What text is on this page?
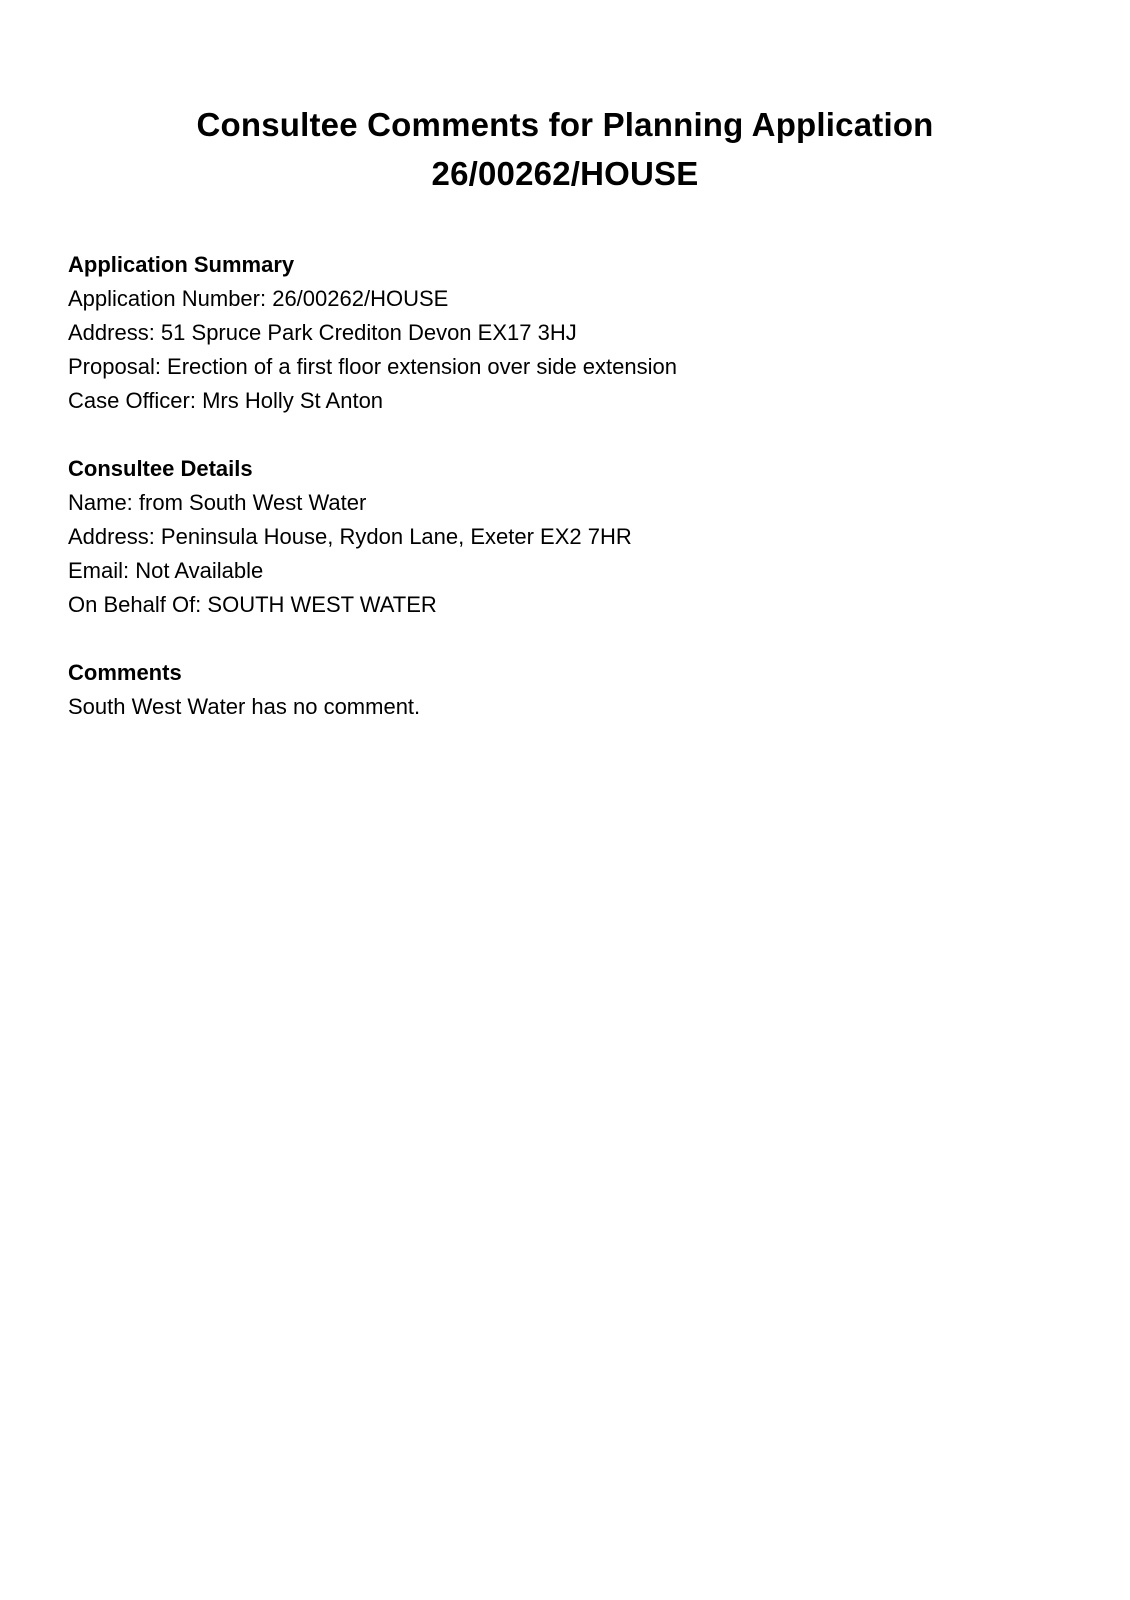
Consultee Comments for Planning Application
26/00262/HOUSE

Application Summary

Application Number: 26/00262/HOUSE

Address: 51 Spruce Park Crediton Devon EX17 3HJ

Proposal: Erection of a first floor extension over side extension

Case Officer: Mrs Holly St Anton

Consultee Details

Name: from South West Water

Address: Peninsula House, Rydon Lane, Exeter EX2 7HR

Email: Not Available

On Behalf Of: SOUTH WEST WATER

Comments

South West Water has no comment.
